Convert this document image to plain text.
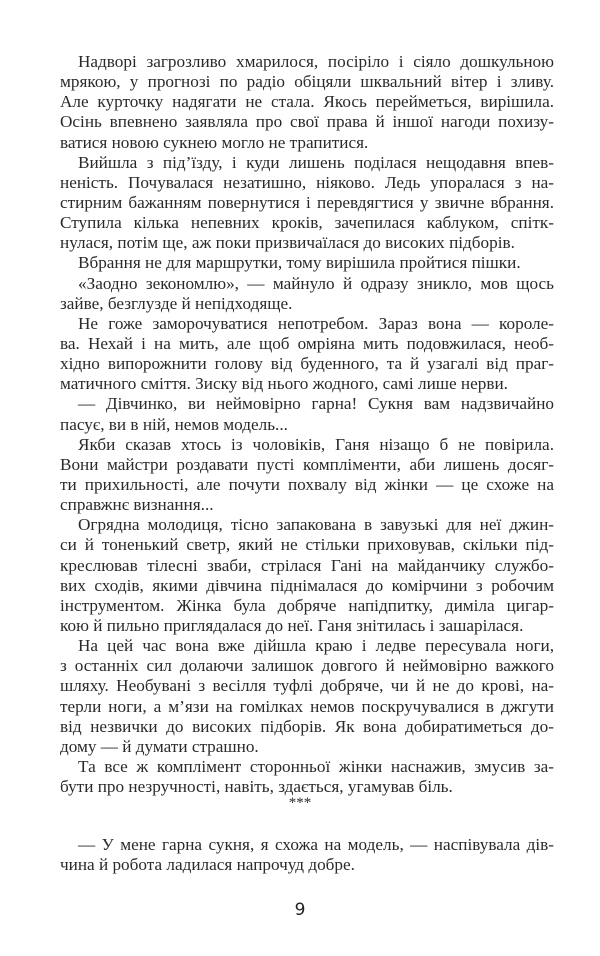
Надворі загрозливо хмарилося, посіріло і сіяло дошкульною
мрякою, у прогнозі по радіо обіцяли шквальний вітер і зливу.
Але курточку надягати не стала. Якось перейметься, вирішила.
Осінь впевнено заявляла про свої права й іншої нагоди похизу-
ватися новою сукнею могло не трапитися.
Вийшла з під’їзду, і куди лишень поділася нещодавня впев-
неність. Почувалася незатишно, ніяково. Ледь упоралася з на-
стирним бажанням повернутися і перевдягтися у звичне вбрання.
Ступила кілька непевних кроків, зачепилася каблуком, спітк-
нулася, потім ще, аж поки призвичаїлася до високих підборів.
Вбрання не для маршрутки, тому вирішила пройтися пішки.
«Заодно зекономлю», — майнуло й одразу зникло, мов щось
зайве, безглузде й непідходяще.
Не гоже заморочуватися непотребом. Зараз вона — короле-
ва. Нехай і на мить, але щоб омріяна мить подовжилася, необ-
хідно випорожнити голову від буденного, та й узагалі від праг-
матичного сміття. Зиску від нього жодного, самі лише нерви.
— Дівчинко, ви неймовірно гарна! Сукня вам надзвичайно
пасує, ви в ній, немов модель...
Якби сказав хтось із чоловіків, Ганя нізащо б не повірила.
Вони майстри роздавати пусті компліменти, аби лишень досяг-
ти прихильності, але почути похвалу від жінки — це схоже на
справжнє визнання...
Огрядна молодиця, тісно запакована в завузькі для неї джин-
си й тоненький светр, який не стільки приховував, скільки під-
креслював тілесні зваби, стрілася Гані на майданчику службо-
вих сходів, якими дівчина піднімалася до комірчини з робочим
інструментом. Жінка була добряче напідпитку, диміла цигар-
кою й пильно приглядалася до неї. Ганя знітилась і зашарілася.
На цей час вона вже дійшла краю і ледве пересувала ноги,
з останніх сил долаючи залишок довгого й неймовірно важкого
шляху. Необувані з весілля туфлі добряче, чи й не до крові, на-
терли ноги, а м’язи на гомілках немов поскручувалися в джгути
від незвички до високих підборів. Як вона добиратиметься до-
дому — й думати страшно.
Та все ж комплімент сторонньої жінки наснажив, змусив за-
бути про незручності, навіть, здається, угамував біль.
***
— У мене гарна сукня, я схожа на модель, — наспівувала дів-
чина й робота ладилася напрочуд добре.
9
